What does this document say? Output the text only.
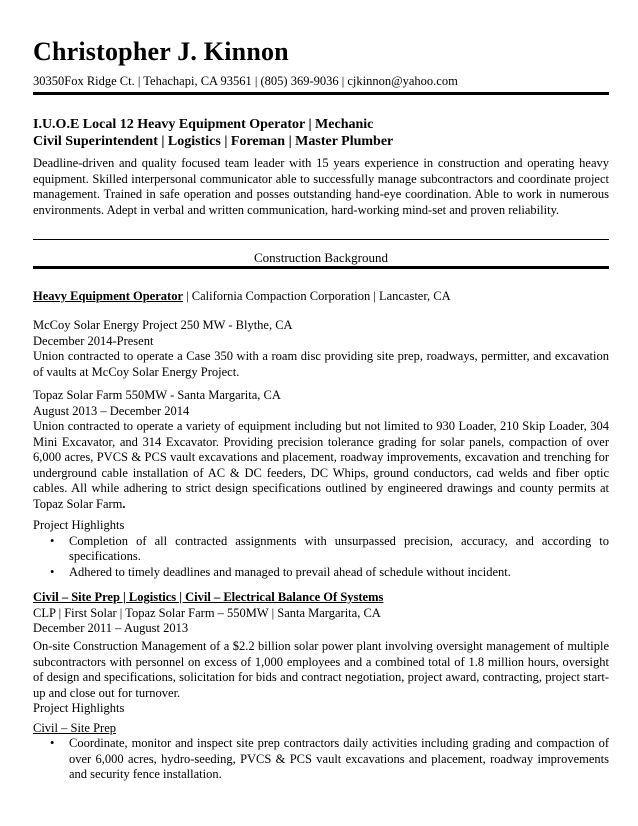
Christopher J. Kinnon
30350Fox Ridge Ct. | Tehachapi, CA 93561 | (805) 369-9036 | cjkinnon@yahoo.com
I.U.O.E Local 12 Heavy Equipment Operator | Mechanic
Civil Superintendent | Logistics | Foreman | Master Plumber
Deadline-driven and quality focused team leader with 15 years experience in construction and operating heavy equipment. Skilled interpersonal communicator able to successfully manage subcontractors and coordinate project management. Trained in safe operation and posses outstanding hand-eye coordination. Able to work in numerous environments. Adept in verbal and written communication, hard-working mind-set and proven reliability.
Construction Background
Heavy Equipment Operator | California Compaction Corporation | Lancaster, CA
McCoy Solar Energy Project 250 MW - Blythe, CA
December 2014-Present
Union contracted to operate a Case 350 with a roam disc providing site prep, roadways, permitter, and excavation of vaults at McCoy Solar Energy Project.
Topaz Solar Farm 550MW - Santa Margarita, CA
August 2013 – December 2014
Union contracted to operate a variety of equipment including but not limited to 930 Loader, 210 Skip Loader, 304 Mini Excavator, and 314 Excavator. Providing precision tolerance grading for solar panels, compaction of over 6,000 acres, PVCS & PCS vault excavations and placement, roadway improvements, excavation and trenching for underground cable installation of AC & DC feeders, DC Whips, ground conductors, cad welds and fiber optic cables. All while adhering to strict design specifications outlined by engineered drawings and county permits at Topaz Solar Farm.
Project Highlights
• Completion of all contracted assignments with unsurpassed precision, accuracy, and according to specifications.
• Adhered to timely deadlines and managed to prevail ahead of schedule without incident.
Civil – Site Prep | Logistics | Civil – Electrical Balance Of Systems
CLP | First Solar | Topaz Solar Farm – 550MW | Santa Margarita, CA
December 2011 – August 2013
On-site Construction Management of a $2.2 billion solar power plant involving oversight management of multiple subcontractors with personnel on excess of 1,000 employees and a combined total of 1.8 million hours, oversight of design and specifications, solicitation for bids and contract negotiation, project award, contracting, project start-up and close out for turnover.
Project Highlights
Civil – Site Prep
• Coordinate, monitor and inspect site prep contractors daily activities including grading and compaction of over 6,000 acres, hydro-seeding, PVCS & PCS vault excavations and placement, roadway improvements and security fence installation.
